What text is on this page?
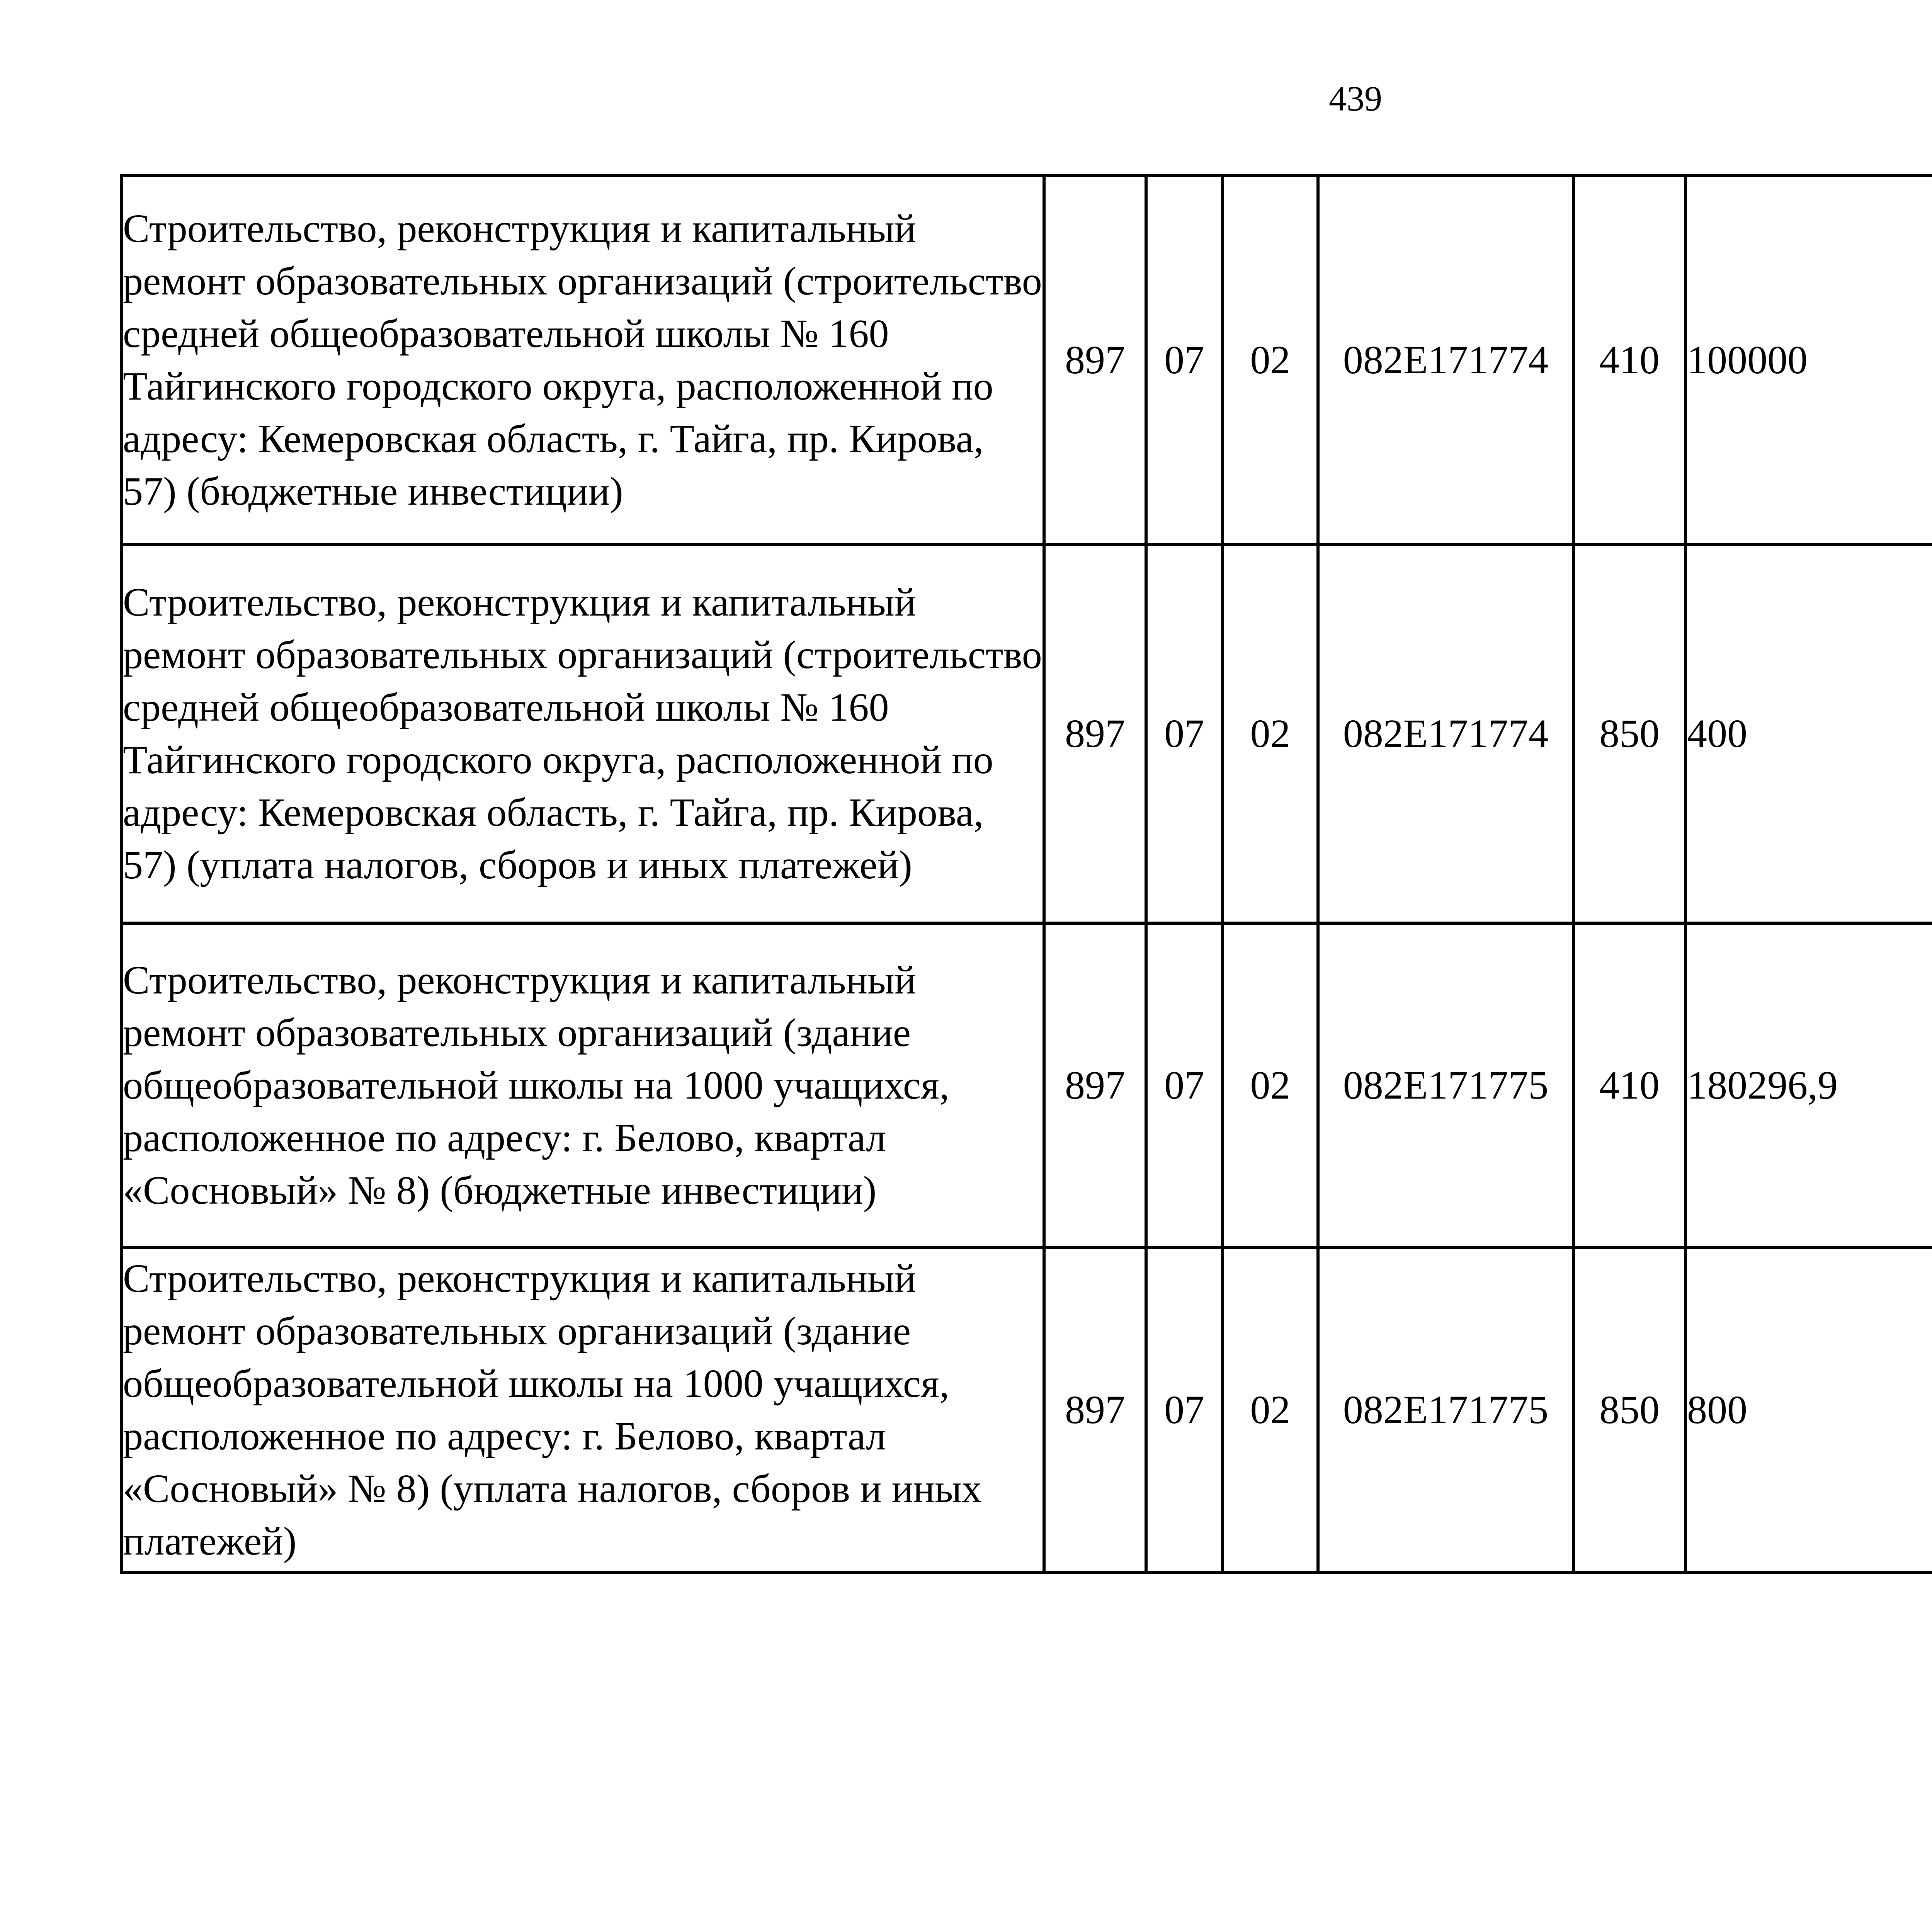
439
Строительство, реконструкция и капитальный ремонт образовательных организаций (строительство средней общеобразовательной школы № 160 Тайгинского городского округа, расположенной по адресу: Кемеровская область, г. Тайга, пр. Кирова, 57) (бюджетные инвестиции)	897	07	02	082E171774	410	100000		
Строительство, реконструкция и капитальный ремонт образовательных организаций (строительство средней общеобразовательной школы № 160 Тайгинского городского округа, расположенной по адресу: Кемеровская область, г. Тайга, пр. Кирова, 57) (уплата налогов, сборов и иных платежей)	897	07	02	082E171774	850	400		
Строительство, реконструкция и капитальный ремонт образовательных организаций (здание общеобразовательной школы на 1000 учащихся, расположенное по адресу: г. Белово, квартал «Сосновый» № 8) (бюджетные инвестиции)	897	07	02	082E171775	410	180296,9		
Строительство, реконструкция и капитальный ремонт образовательных организаций (здание общеобразовательной школы на 1000 учащихся, расположенное по адресу: г. Белово, квартал «Сосновый» № 8) (уплата налогов, сборов и иных платежей)	897	07	02	082E171775	850	800		
